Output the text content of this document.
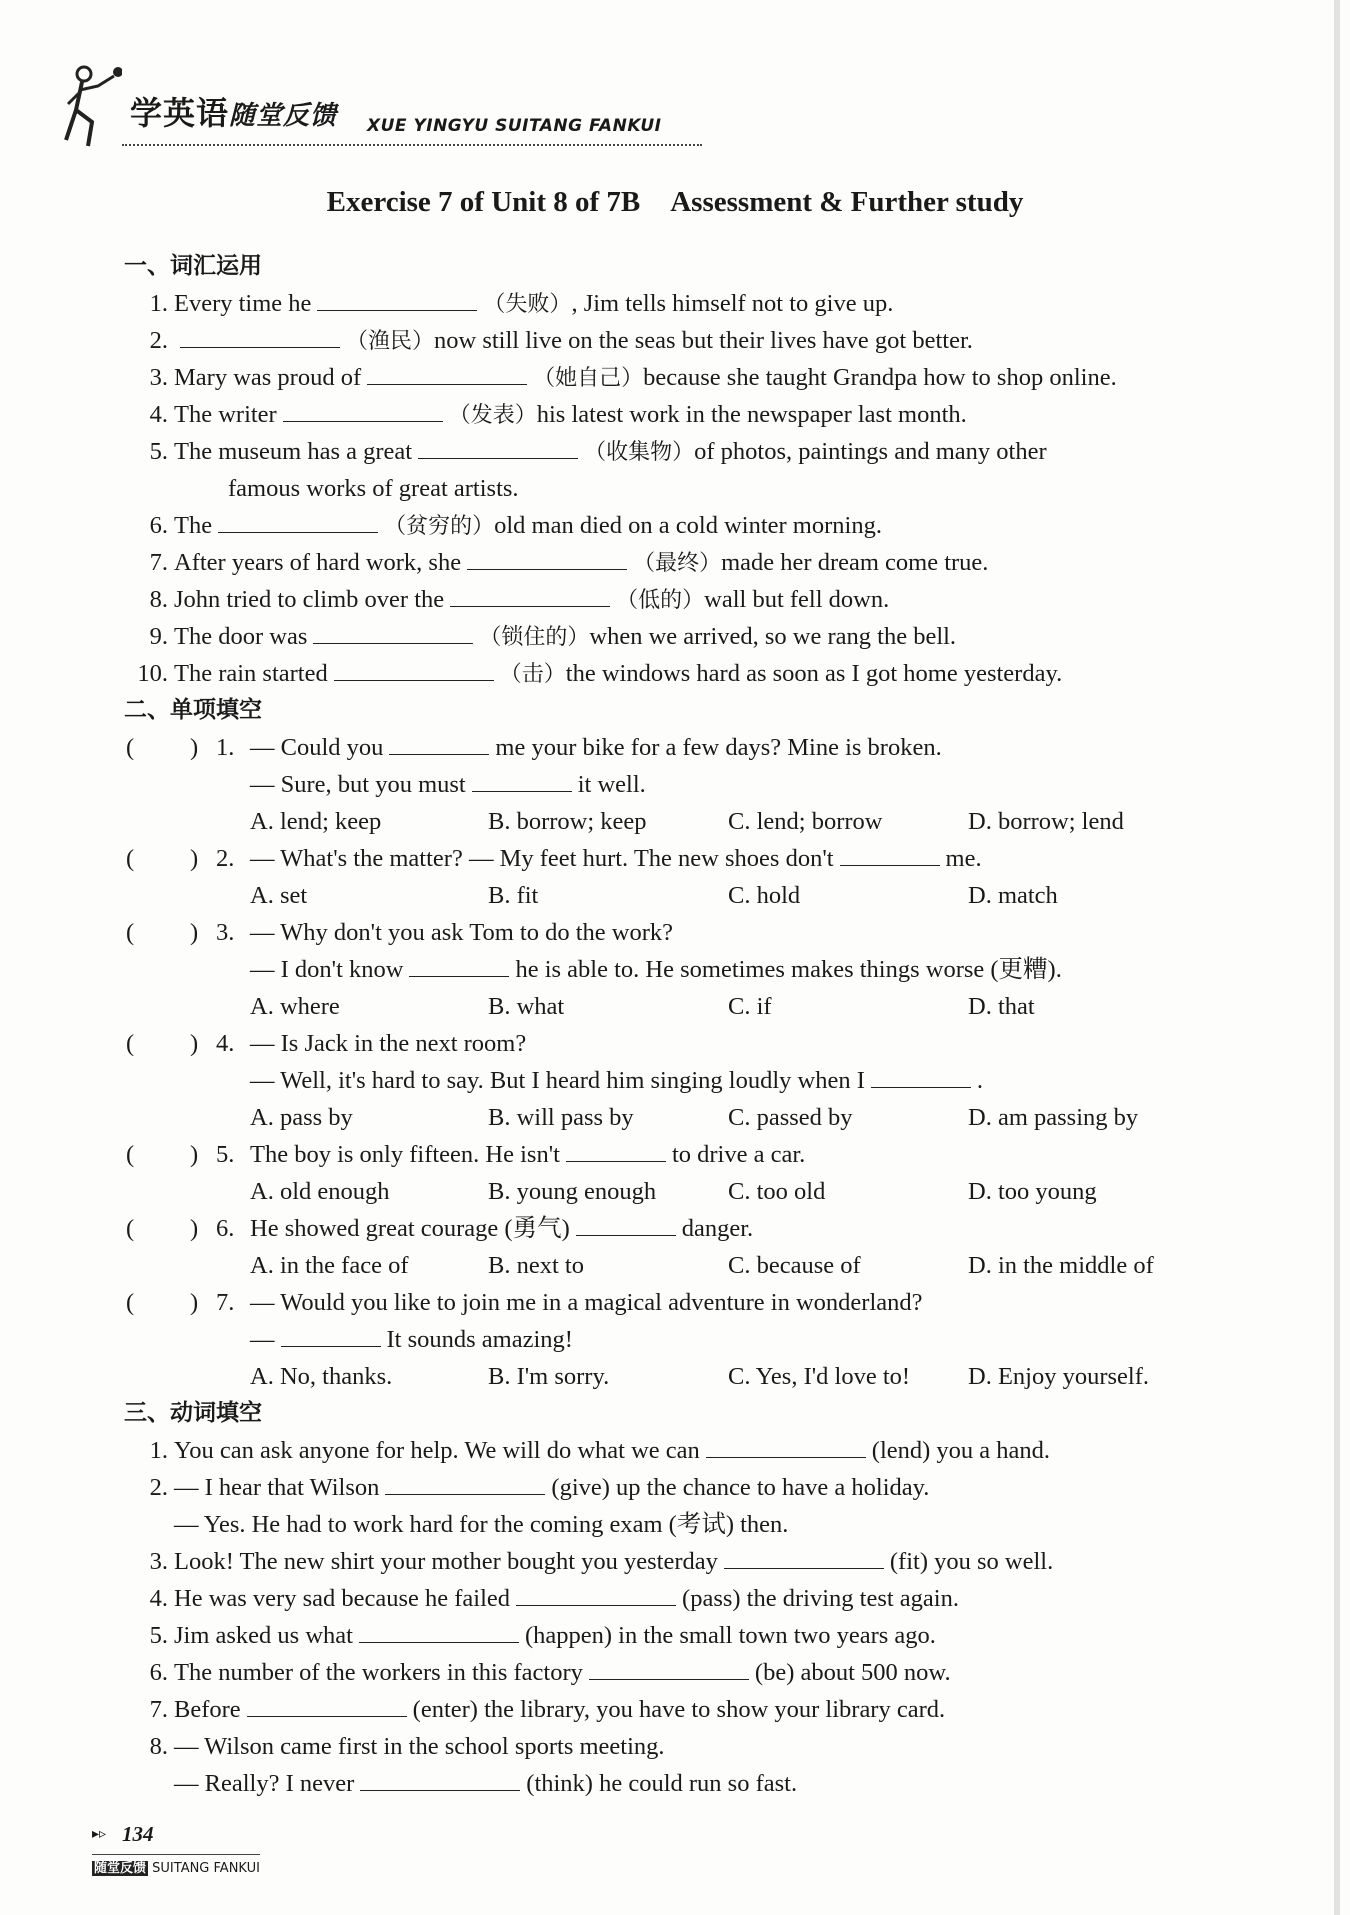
学英语随堂反馈 XUE YINGYU SUITANG FANKUI
Exercise 7 of Unit 8 of 7B Assessment & Further study
一、词汇运用
1. Every time he	（失败）, Jim tells himself not to give up.
2.	（渔民）now still live on the seas but their lives have got better.
3. Mary was proud of	（她自己）because she taught Grandpa how to shop online.
4. The writer	（发表）his latest work in the newspaper last month.
5. The museum has a great	（收集物）of photos, paintings and many other
famous works of great artists.
6. The	（贫穷的）old man died on a cold winter morning.
7. After years of hard work, she	（最终）made her dream come true.
8. John tried to climb over the	（低的）wall but fell down.
9. The door was	（锁住的）when we arrived, so we rang the bell.
10. The rain started	（击）the windows hard as soon as I got home yesterday.
二、单项填空
( ) 1. — Could you	me your bike for a few days? Mine is broken.
— Sure, but you must	it well.
A. lend; keep	B. borrow; keep	C. lend; borrow	D. borrow; lend
( ) 2. — What's the matter? — My feet hurt. The new shoes don't	me.
A. set	B. fit	C. hold	D. match
( ) 3. — Why don't you ask Tom to do the work?
— I don't know	he is able to. He sometimes makes things worse (更糟).
A. where	B. what	C. if	D. that
( ) 4. — Is Jack in the next room?
— Well, it's hard to say. But I heard him singing loudly when I	.
A. pass by	B. will pass by	C. passed by	D. am passing by
( ) 5. The boy is only fifteen. He isn't	to drive a car.
A. old enough	B. young enough	C. too old	D. too young
( ) 6. He showed great courage (勇气)	danger.
A. in the face of	B. next to	C. because of	D. in the middle of
( ) 7. — Would you like to join me in a magical adventure in wonderland?
—	It sounds amazing!
A. No, thanks.	B. I'm sorry.	C. Yes, I'd love to! D. Enjoy yourself.
三、动词填空
1. You can ask anyone for help. We will do what we can	(lend) you a hand.
2. — I hear that Wilson	(give) up the chance to have a holiday.
— Yes. He had to work hard for the coming exam (考试) then.
3. Look! The new shirt your mother bought you yesterday	(fit) you so well.
4. He was very sad because he failed	(pass) the driving test again.
5. Jim asked us what	(happen) in the small town two years ago.
6. The number of the workers in this factory	(be) about 500 now.
7. Before	(enter) the library, you have to show your library card.
8. — Wilson came first in the school sports meeting.
— Really? I never	(think) he could run so fast.
▸▹ 134
随堂反馈 SUITANG FANKUI
